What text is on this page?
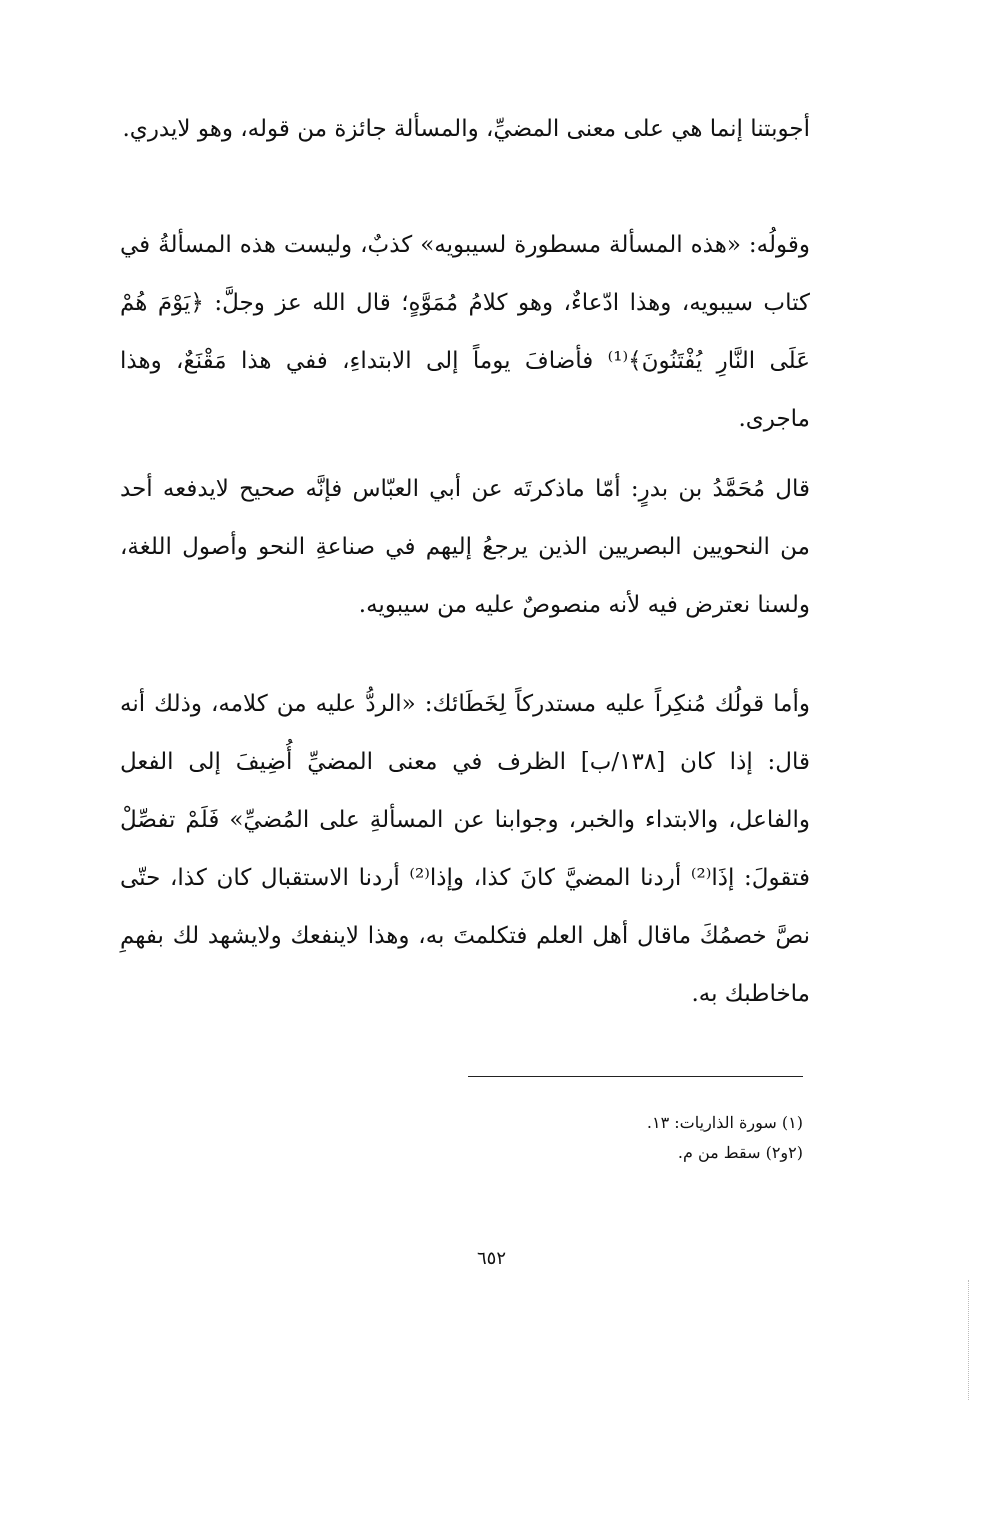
أجوبتنا إنما هي على معنى المضيِّ، والمسألة جائزة من قوله، وهو لايدري.

وقولُه: «هذه المسألة مسطورة لسيبويه» كذبٌ، وليست هذه المسألةُ في كتاب سيبويه، وهذا ادّعاءٌ، وهو كلامُ مُمَوَّهٍ؛ قال الله عز وجلَّ: ﴿يَوْمَ هُمْ عَلَى النَّارِ يُفْتَنُونَ﴾⁽¹⁾ فأضافَ يوماً إلى الابتداءِ، ففي هذا مَقْنَعٌ، وهذا ماجرى.

قال مُحَمَّدُ بن بدرٍ: أمّا ماذكرتَه عن أبي العبّاس فإنَّه صحيح لايدفعه أحد من النحويين البصريين الذين يرجعُ إليهم في صناعةِ النحو وأصول اللغة، ولسنا نعترض فيه لأنه منصوصٌ عليه من سيبويه.

وأما قولُك مُنكِراً عليه مستدركاً لِخَطَائك: «الردُّ عليه من كلامه، وذلك أنه قال: إذا كان [١٣٨/ب] الظرف في معنى المضيِّ أُضِيفَ إلى الفعل والفاعل، والابتداء والخبر، وجوابنا عن المسألةِ على المُضيِّ» فَلَمْ تفصِّلْ فتقولَ: إذَا⁽²⁾ أردنا المضيَّ كانَ كذا، وإذا⁽²⁾ أردنا الاستقبال كان كذا، حتّى نصَّ خصمُكَ ماقال أهل العلم فتكلمتَ به، وهذا لاينفعك ولايشهد لك بفهمِ ماخاطبك به.

(١) سورة الذاريات: ١٣.

(٢و٢) سقط من م.

٦٥٢
